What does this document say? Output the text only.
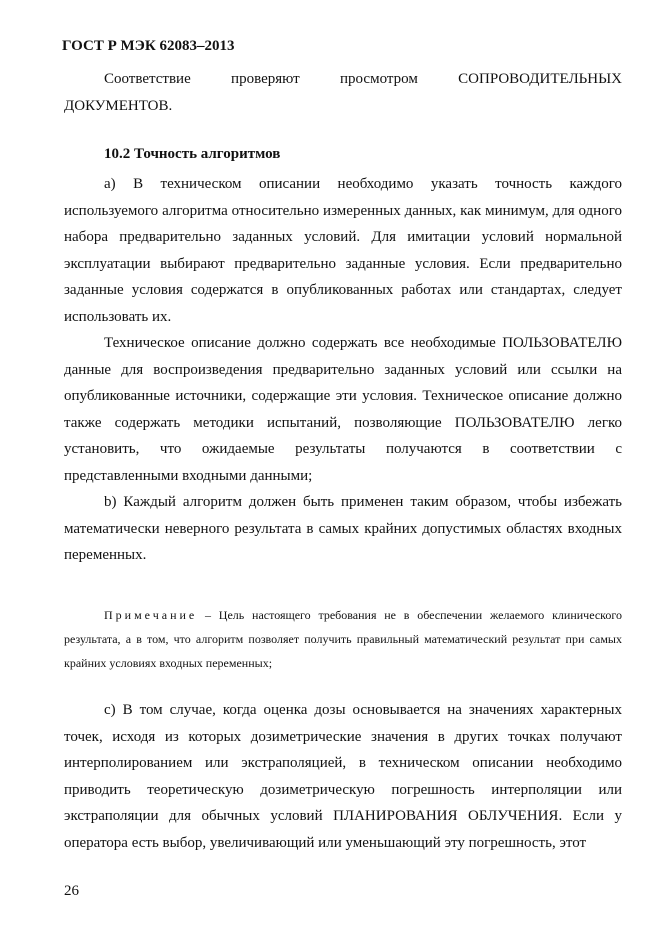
ГОСТ Р МЭК 62083–2013

Соответствие проверяют просмотром СОПРОВОДИТЕЛЬНЫХ ДОКУМЕНТОВ.

10.2 Точность алгоритмов

а) В техническом описании необходимо указать точность каждого используемого алгоритма относительно измеренных данных, как минимум, для одного набора предварительно заданных условий. Для имитации условий нормальной эксплуатации выбирают предварительно заданные условия. Если предварительно заданные условия содержатся в опубликованных работах или стандартах, следует использовать их.

Техническое описание должно содержать все необходимые ПОЛЬЗОВАТЕЛЮ данные для воспроизведения предварительно заданных условий или ссылки на опубликованные источники, содержащие эти условия. Техническое описание должно также содержать методики испытаний, позволяющие ПОЛЬЗОВАТЕЛЮ легко установить, что ожидаемые результаты получаются в соответствии с представленными входными данными;

b) Каждый алгоритм должен быть применен таким образом, чтобы избежать математически неверного результата в самых крайних допустимых областях входных переменных.

Примечание – Цель настоящего требования не в обеспечении желаемого клинического результата, а в том, что алгоритм позволяет получить правильный математический результат при самых крайних условиях входных переменных;

c) В том случае, когда оценка дозы основывается на значениях характерных точек, исходя из которых дозиметрические значения в других точках получают интерполированием или экстраполяцией, в техническом описании необходимо приводить теоретическую дозиметрическую погрешность интерполяции или экстраполяции для обычных условий ПЛАНИРОВАНИЯ ОБЛУЧЕНИЯ. Если у оператора есть выбор, увеличивающий или уменьшающий эту погрешность, этот

26
